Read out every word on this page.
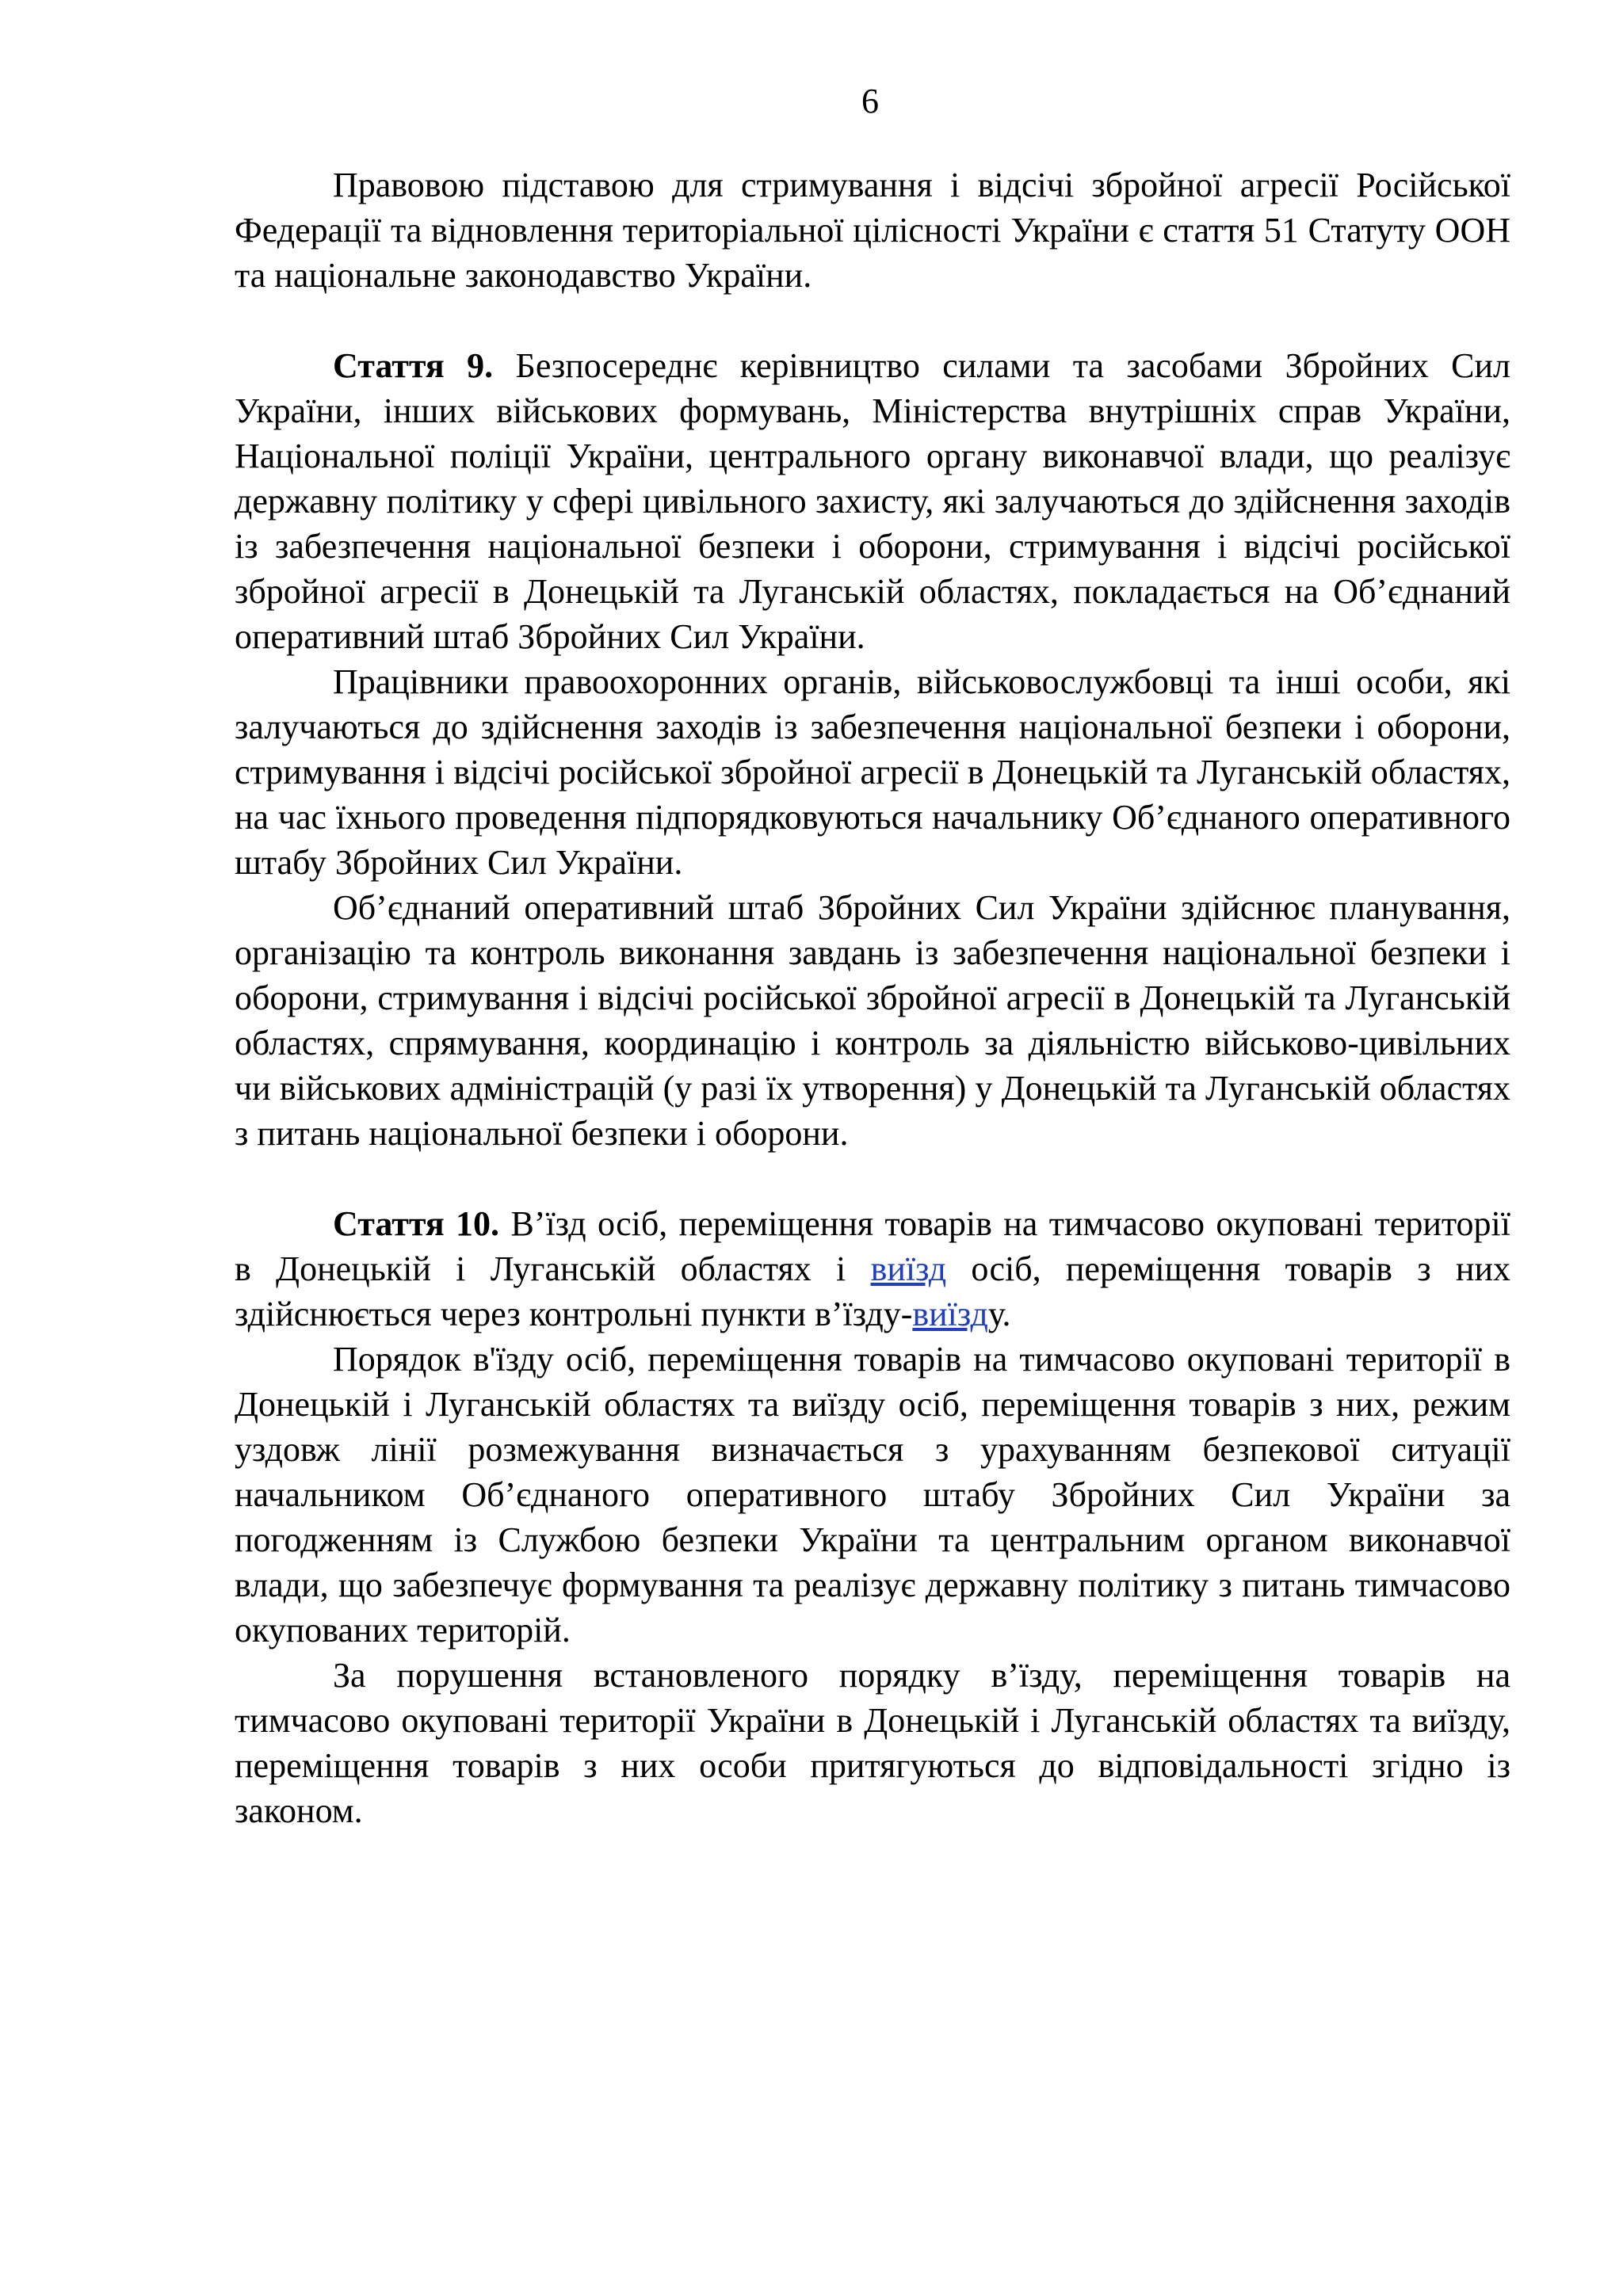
6

Правовою підставою для стримування і відсічі збройної агресії Російської Федерації та відновлення територіальної цілісності України є стаття 51 Статуту ООН та національне законодавство України.

Стаття 9. Безпосереднє керівництво силами та засобами Збройних Сил України, інших військових формувань, Міністерства внутрішніх справ України, Національної поліції України, центрального органу виконавчої влади, що реалізує державну політику у сфері цивільного захисту, які залучаються до здійснення заходів із забезпечення національної безпеки і оборони, стримування і відсічі російської збройної агресії в Донецькій та Луганській областях, покладається на Об’єднаний оперативний штаб Збройних Сил України.

Працівники правоохоронних органів, військовослужбовці та інші особи, які залучаються до здійснення заходів із забезпечення національної безпеки і оборони, стримування і відсічі російської збройної агресії в Донецькій та Луганській областях, на час їхнього проведення підпорядковуються начальнику Об’єднаного оперативного штабу Збройних Сил України.

Об’єднаний оперативний штаб Збройних Сил України здійснює планування, організацію та контроль виконання завдань із забезпечення національної безпеки і оборони, стримування і відсічі російської збройної агресії в Донецькій та Луганській областях, спрямування, координацію і контроль за діяльністю військово-цивільних чи військових адміністрацій (у разі їх утворення) у Донецькій та Луганській областях з питань національної безпеки і оборони.

Стаття 10. В’їзд осіб, переміщення товарів на тимчасово окуповані території в Донецькій і Луганській областях і виїзд осіб, переміщення товарів з них здійснюється через контрольні пункти в’їзду-виїзду.

Порядок в'їзду осіб, переміщення товарів на тимчасово окуповані території в Донецькій і Луганській областях та виїзду осіб, переміщення товарів з них, режим уздовж лінії розмежування визначається з урахуванням безпекової ситуації начальником Об’єднаного оперативного штабу Збройних Сил України за погодженням із Службою безпеки України та центральним органом виконавчої влади, що забезпечує формування та реалізує державну політику з питань тимчасово окупованих територій.

За порушення встановленого порядку в’їзду, переміщення товарів на тимчасово окуповані території України в Донецькій і Луганській областях та виїзду, переміщення товарів з них особи притягуються до відповідальності згідно із законом.
